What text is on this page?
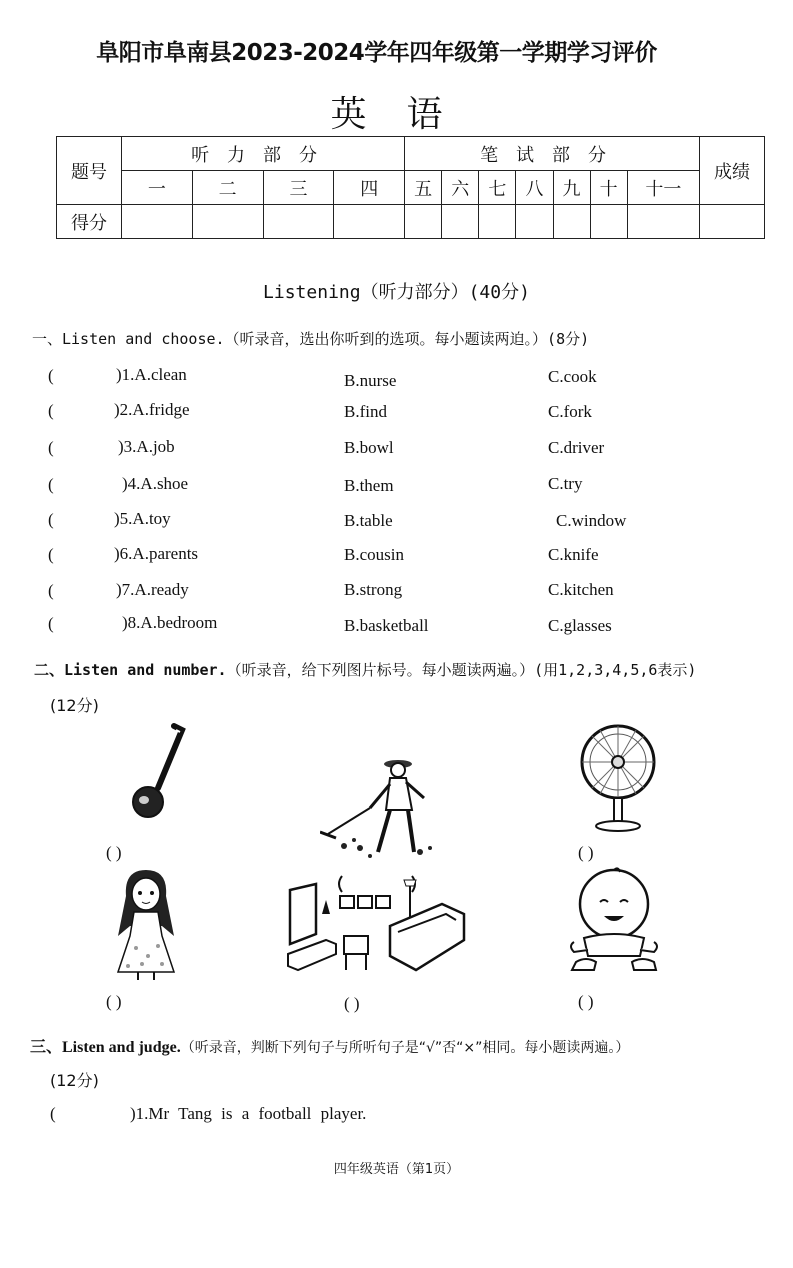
阜阳市阜南县2023-2024学年四年级第一学期学习评价
英语
题号	听力部分				笔试部分							成绩
	一	二	三	四	五	六	七	八	九	十	十一	
得分												
Listening（听力部分）(40分)
一、Listen and choose.（听录音，选出你听到的选项。每小题读两迫。）(8分)
(	)1.A.clean	B.nurse	C.cook
(	)2.A.fridge	B.find	C.fork
(	)3.A.job	B.bowl	C.driver
(	)4.A.shoe	B.them	C.try
(	)5.A.toy	B.table	C.window
(	)6.A.parents	B.cousin	C.knife
(	)7.A.ready	B.strong	C.kitchen
(	)8.A.bedroom	B.basketball	C.glasses
二、Listen and number.（听录音，给下列图片标号。每小题读两遍。）(用1,2,3,4,5,6表示)
(12分)
( )	( )
( )	( )	( )
三、Listen and judge.（听录音，判断下列句子与所听句子是“√”否“×”相同。每小题读两遍。）
(12分)
(	)1.Mr Tang is a football player.
四年级英语（第1页）
